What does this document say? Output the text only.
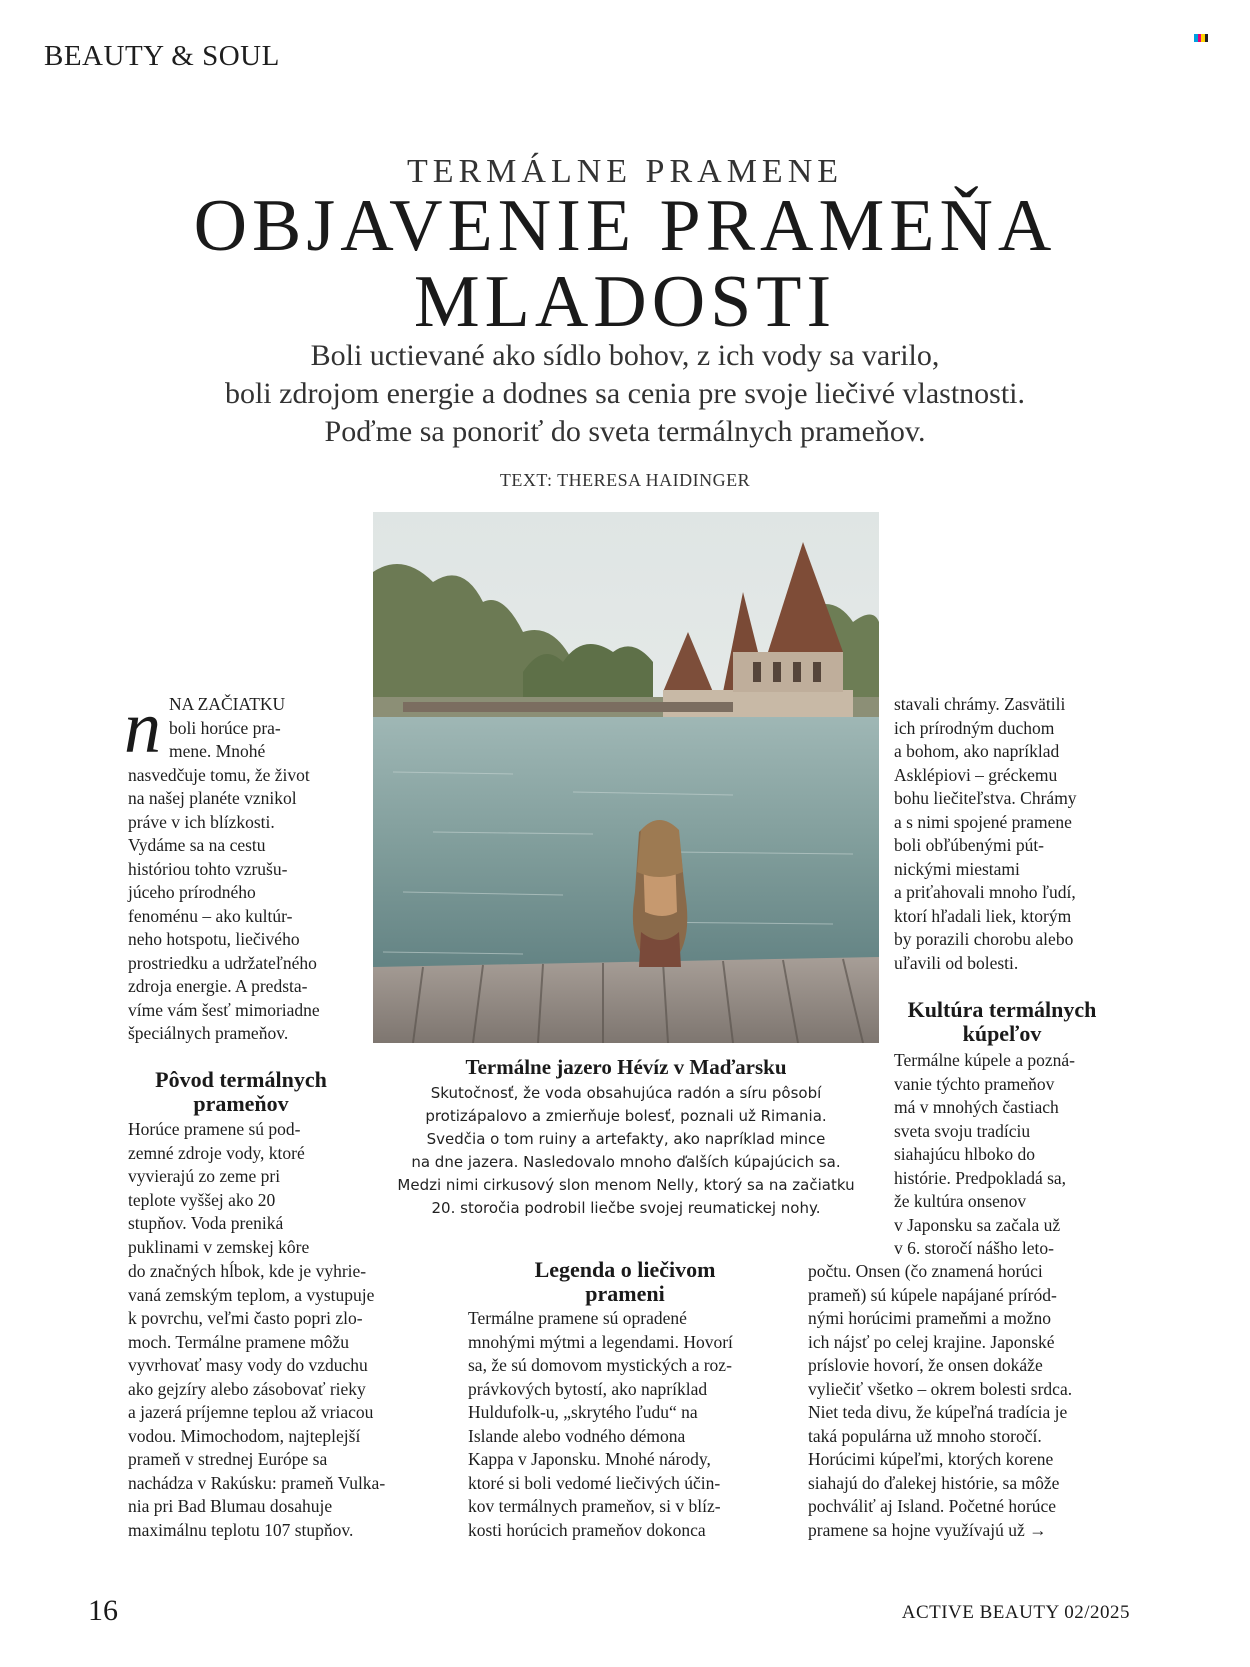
BEAUTY & SOUL
TERMÁLNE PRAMENE
OBJAVENIE PRAMEŇA
MLADOSTI
Boli uctievané ako sídlo bohov, z ich vody sa varilo,
boli zdrojom energie a dodnes sa cenia pre svoje liečivé vlastnosti.
Poďme sa ponoriť do sveta termálnych prameňov.
TEXT: THERESA HAIDINGER
n NA ZAČIATKU
boli horúce pra-
mene. Mnohé
nasvedčuje tomu, že život
na našej planéte vznikol
práve v ich blízkosti.
Vydáme sa na cestu
históriou tohto vzrušu-
júceho prírodného
fenoménu – ako kultúr-
neho hotspotu, liečivého
prostriedku a udržateľného
zdroja energie. A predsta-
víme vám šesť mimoriadne
špeciálnych prameňov.
Pôvod termálnych
prameňov
Horúce pramene sú pod-
zemné zdroje vody, ktoré
vyvierajú zo zeme pri
teplote vyššej ako 20
stupňov. Voda preniká
puklinami v zemskej kôre
do značných hĺbok, kde je vyhrie-
vaná zemským teplom, a vystupuje
k povrchu, veľmi často popri zlo-
moch. Termálne pramene môžu
vyvrhovať masy vody do vzduchu
ako gejzíry alebo zásobovať rieky
a jazerá príjemne teplou až vriacou
vodou. Mimochodom, najteplejší
prameň v strednej Európe sa
nachádza v Rakúsku: prameň Vulka-
nia pri Bad Blumau dosahuje
maximálnu teplotu 107 stupňov.
Termálne jazero Hévíz v Maďarsku
Skutočnosť, že voda obsahujúca radón a síru pôsobí
protizápalovo a zmierňuje bolesť, poznali už Rimania.
Svedčia o tom ruiny a artefakty, ako napríklad mince
na dne jazera. Nasledovalo mnoho ďalších kúpajúcich sa.
Medzi nimi cirkusový slon menom Nelly, ktorý sa na začiatku
20. storočia podrobil liečbe svojej reumatickej nohy.
Legenda o liečivom
prameni
Termálne pramene sú opradené
mnohými mýtmi a legendami. Hovorí
sa, že sú domovom mystických a roz-
právkových bytostí, ako napríklad
Huldufolk-u, „skrytého ľudu“ na
Islande alebo vodného démona
Kappa v Japonsku. Mnohé národy,
ktoré si boli vedomé liečivých účin-
kov termálnych prameňov, si v blíz-
kosti horúcich prameňov dokonca
stavali chrámy. Zasvätili
ich prírodným duchom
a bohom, ako napríklad
Asklépiovi – gréckemu
bohu liečiteľstva. Chrámy
a s nimi spojené pramene
boli obľúbenými pút-
nickými miestami
a priťahovali mnoho ľudí,
ktorí hľadali liek, ktorým
by porazili chorobu alebo
uľavili od bolesti.
Kultúra termálnych
kúpeľov
Termálne kúpele a pozná-
vanie týchto prameňov
má v mnohých častiach
sveta svoju tradíciu
siahajúcu hlboko do
histórie. Predpokladá sa,
že kultúra onsenov
v Japonsku sa začala už
v 6. storočí nášho leto-
počtu. Onsen (čo znamená horúci
prameň) sú kúpele napájané príród-
nými horúcimi prameňmi a možno
ich nájsť po celej krajine. Japonské
príslovie hovorí, že onsen dokáže
vyliečiť všetko – okrem bolesti srdca.
Niet teda divu, že kúpeľná tradícia je
taká populárna už mnoho storočí.
Horúcimi kúpeľmi, ktorých korene
siahajú do ďalekej histórie, sa môže
pochváliť aj Island. Početné horúce
pramene sa hojne využívajú už →
16	ACTIVE BEAUTY 02/2025
